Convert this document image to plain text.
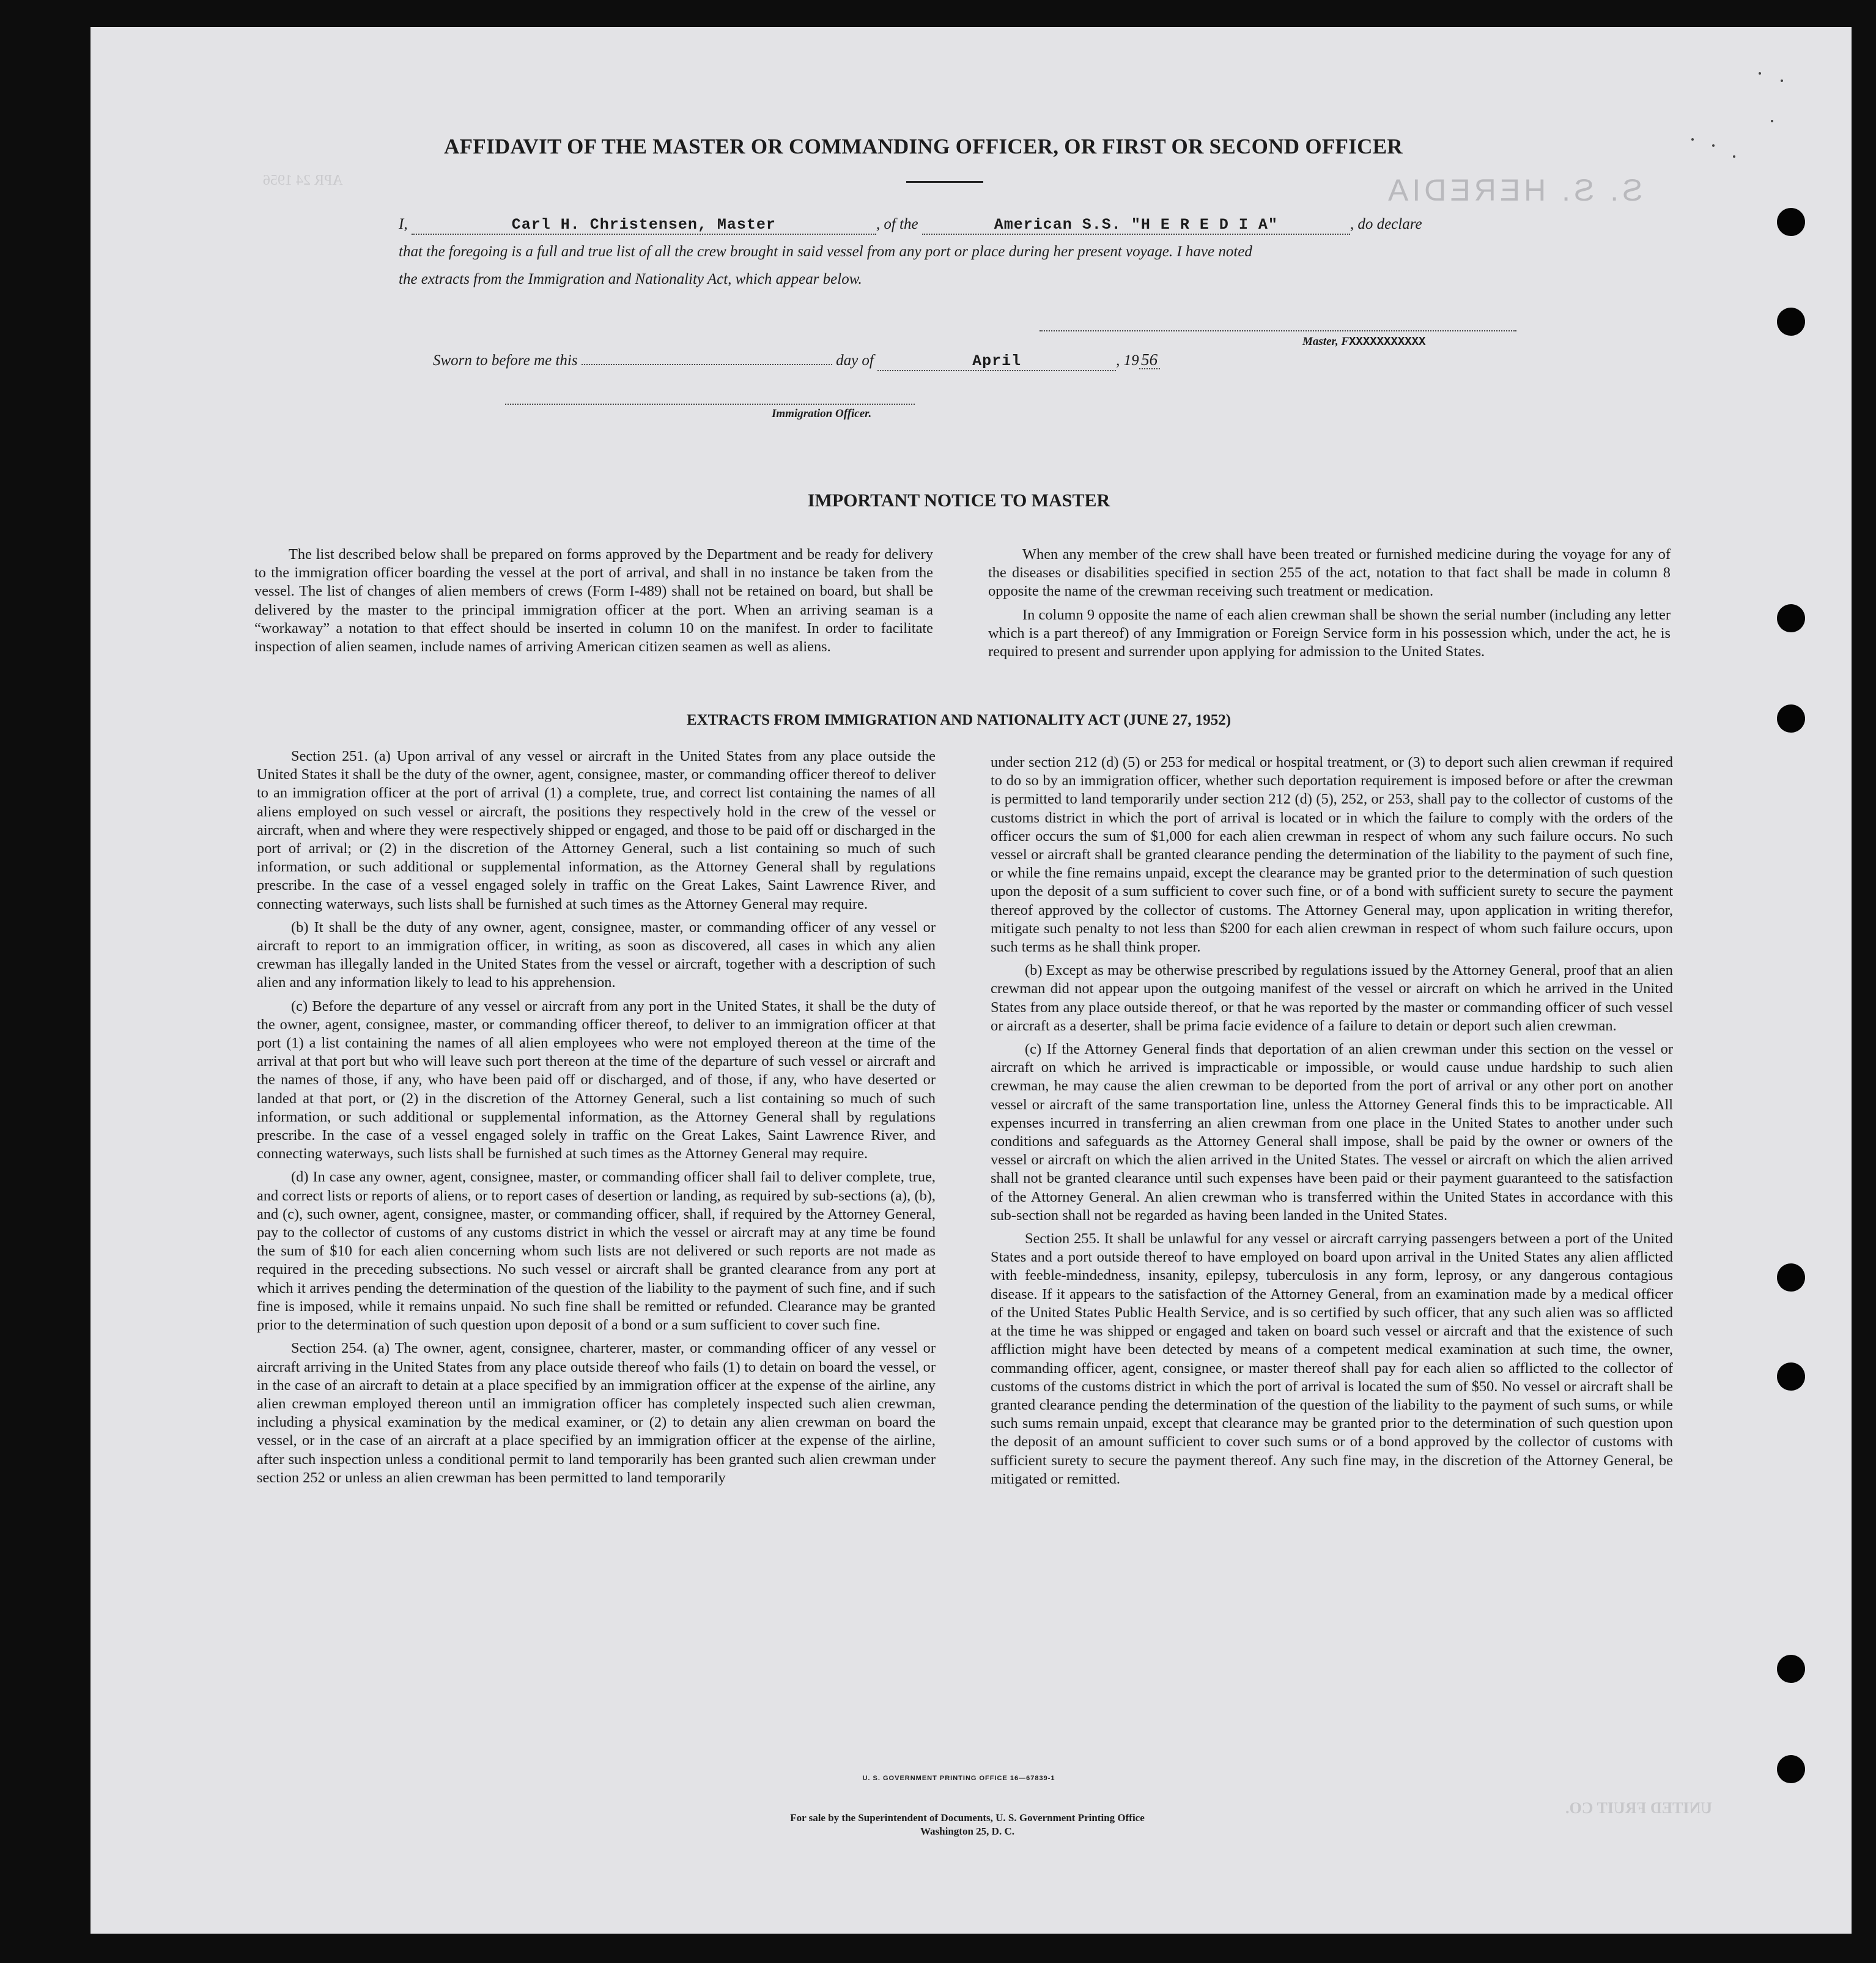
S. S. HEREDIA
APR 24 1956
UNITED FRUIT CO.
AFFIDAVIT OF THE MASTER OR COMMANDING OFFICER, OR FIRST OR SECOND OFFICER
I,	Carl H. Christensen, Master	, of the	American S.S. "H E R E D I A"	, do declare
that the foregoing is a full and true list of all the crew brought in said vessel from any port or place during her present voyage. I have noted
the extracts from the Immigration and Nationality Act, which appear below.
Master, FXXXXXXXXXXX
Sworn to before me this	day of	April	, 19 56
Immigration Officer.
IMPORTANT NOTICE TO MASTER

The list described below shall be prepared on forms approved by the Department and be ready for delivery to the immigration officer boarding the vessel at the port of arrival, and shall in no instance be taken from the vessel. The list of changes of alien members of crews (Form I-489) shall not be retained on board, but shall be delivered by the master to the principal immigration officer at the port. When an arriving seaman is a “workaway” a notation to that effect should be inserted in column 10 on the manifest. In order to facilitate inspection of alien seamen, include names of arriving American citizen seamen as well as aliens.

When any member of the crew shall have been treated or furnished medicine during the voyage for any of the diseases or disabilities specified in section 255 of the act, notation to that fact shall be made in column 8 opposite the name of the crewman receiving such treatment or medication.

In column 9 opposite the name of each alien crewman shall be shown the serial number (including any letter which is a part thereof) of any Immigration or Foreign Service form in his possession which, under the act, he is required to present and surrender upon applying for admission to the United States.

EXTRACTS FROM IMMIGRATION AND NATIONALITY ACT (JUNE 27, 1952)

Section 251. (a) Upon arrival of any vessel or aircraft in the United States from any place outside the United States it shall be the duty of the owner, agent, consignee, master, or commanding officer thereof to deliver to an immigration officer at the port of arrival (1) a complete, true, and correct list containing the names of all aliens employed on such vessel or aircraft, the positions they respectively hold in the crew of the vessel or aircraft, when and where they were respectively shipped or engaged, and those to be paid off or discharged in the port of arrival; or (2) in the discretion of the Attorney General, such a list containing so much of such information, or such additional or supplemental information, as the Attorney General shall by regulations prescribe. In the case of a vessel engaged solely in traffic on the Great Lakes, Saint Lawrence River, and connecting waterways, such lists shall be furnished at such times as the Attorney General may require.

(b) It shall be the duty of any owner, agent, consignee, master, or commanding officer of any vessel or aircraft to report to an immigration officer, in writing, as soon as discovered, all cases in which any alien crewman has illegally landed in the United States from the vessel or aircraft, together with a description of such alien and any information likely to lead to his apprehension.

(c) Before the departure of any vessel or aircraft from any port in the United States, it shall be the duty of the owner, agent, consignee, master, or commanding officer thereof, to deliver to an immigration officer at that port (1) a list containing the names of all alien employees who were not employed thereon at the time of the arrival at that port but who will leave such port thereon at the time of the departure of such vessel or aircraft and the names of those, if any, who have been paid off or discharged, and of those, if any, who have deserted or landed at that port, or (2) in the discretion of the Attorney General, such a list containing so much of such information, or such additional or supplemental information, as the Attorney General shall by regulations prescribe. In the case of a vessel engaged solely in traffic on the Great Lakes, Saint Lawrence River, and connecting waterways, such lists shall be furnished at such times as the Attorney General may require.

(d) In case any owner, agent, consignee, master, or commanding officer shall fail to deliver complete, true, and correct lists or reports of aliens, or to report cases of desertion or landing, as required by sub-sections (a), (b), and (c), such owner, agent, consignee, master, or commanding officer, shall, if required by the Attorney General, pay to the collector of customs of any customs district in which the vessel or aircraft may at any time be found the sum of $10 for each alien concerning whom such lists are not delivered or such reports are not made as required in the preceding subsections. No such vessel or aircraft shall be granted clearance from any port at which it arrives pending the determination of the question of the liability to the payment of such fine, and if such fine is imposed, while it remains unpaid. No such fine shall be remitted or refunded. Clearance may be granted prior to the determination of such question upon deposit of a bond or a sum sufficient to cover such fine.

Section 254. (a) The owner, agent, consignee, charterer, master, or commanding officer of any vessel or aircraft arriving in the United States from any place outside thereof who fails (1) to detain on board the vessel, or in the case of an aircraft to detain at a place specified by an immigration officer at the expense of the airline, any alien crewman employed thereon until an immigration officer has completely inspected such alien crewman, including a physical examination by the medical examiner, or (2) to detain any alien crewman on board the vessel, or in the case of an aircraft at a place specified by an immigration officer at the expense of the airline, after such inspection unless a conditional permit to land temporarily has been granted such alien crewman under section 252 or unless an alien crewman has been permitted to land temporarily

under section 212 (d) (5) or 253 for medical or hospital treatment, or (3) to deport such alien crewman if required to do so by an immigration officer, whether such deportation requirement is imposed before or after the crewman is permitted to land temporarily under section 212 (d) (5), 252, or 253, shall pay to the collector of customs of the customs district in which the port of arrival is located or in which the failure to comply with the orders of the officer occurs the sum of $1,000 for each alien crewman in respect of whom any such failure occurs. No such vessel or aircraft shall be granted clearance pending the determination of the liability to the payment of such fine, or while the fine remains unpaid, except the clearance may be granted prior to the determination of such question upon the deposit of a sum sufficient to cover such fine, or of a bond with sufficient surety to secure the payment thereof approved by the collector of customs. The Attorney General may, upon application in writing therefor, mitigate such penalty to not less than $200 for each alien crewman in respect of whom such failure occurs, upon such terms as he shall think proper.

(b) Except as may be otherwise prescribed by regulations issued by the Attorney General, proof that an alien crewman did not appear upon the outgoing manifest of the vessel or aircraft on which he arrived in the United States from any place outside thereof, or that he was reported by the master or commanding officer of such vessel or aircraft as a deserter, shall be prima facie evidence of a failure to detain or deport such alien crewman.

(c) If the Attorney General finds that deportation of an alien crewman under this section on the vessel or aircraft on which he arrived is impracticable or impossible, or would cause undue hardship to such alien crewman, he may cause the alien crewman to be deported from the port of arrival or any other port on another vessel or aircraft of the same transportation line, unless the Attorney General finds this to be impracticable. All expenses incurred in transferring an alien crewman from one place in the United States to another under such conditions and safeguards as the Attorney General shall impose, shall be paid by the owner or owners of the vessel or aircraft on which the alien arrived in the United States. The vessel or aircraft on which the alien arrived shall not be granted clearance until such expenses have been paid or their payment guaranteed to the satisfaction of the Attorney General. An alien crewman who is transferred within the United States in accordance with this sub-section shall not be regarded as having been landed in the United States.

Section 255. It shall be unlawful for any vessel or aircraft carrying passengers between a port of the United States and a port outside thereof to have employed on board upon arrival in the United States any alien afflicted with feeble-mindedness, insanity, epilepsy, tuberculosis in any form, leprosy, or any dangerous contagious disease. If it appears to the satisfaction of the Attorney General, from an examination made by a medical officer of the United States Public Health Service, and is so certified by such officer, that any such alien was so afflicted at the time he was shipped or engaged and taken on board such vessel or aircraft and that the existence of such affliction might have been detected by means of a competent medical examination at such time, the owner, commanding officer, agent, consignee, or master thereof shall pay for each alien so afflicted to the collector of customs of the customs district in which the port of arrival is located the sum of $50. No vessel or aircraft shall be granted clearance pending the determination of the question of the liability to the payment of such sums, or while such sums remain unpaid, except that clearance may be granted prior to the determination of such question upon the deposit of an amount sufficient to cover such sums or of a bond approved by the collector of customs with sufficient surety to secure the payment thereof. Any such fine may, in the discretion of the Attorney General, be mitigated or remitted.

U. S. GOVERNMENT PRINTING OFFICE 16—67839-1
For sale by the Superintendent of Documents, U. S. Government Printing Office
Washington 25, D. C.
